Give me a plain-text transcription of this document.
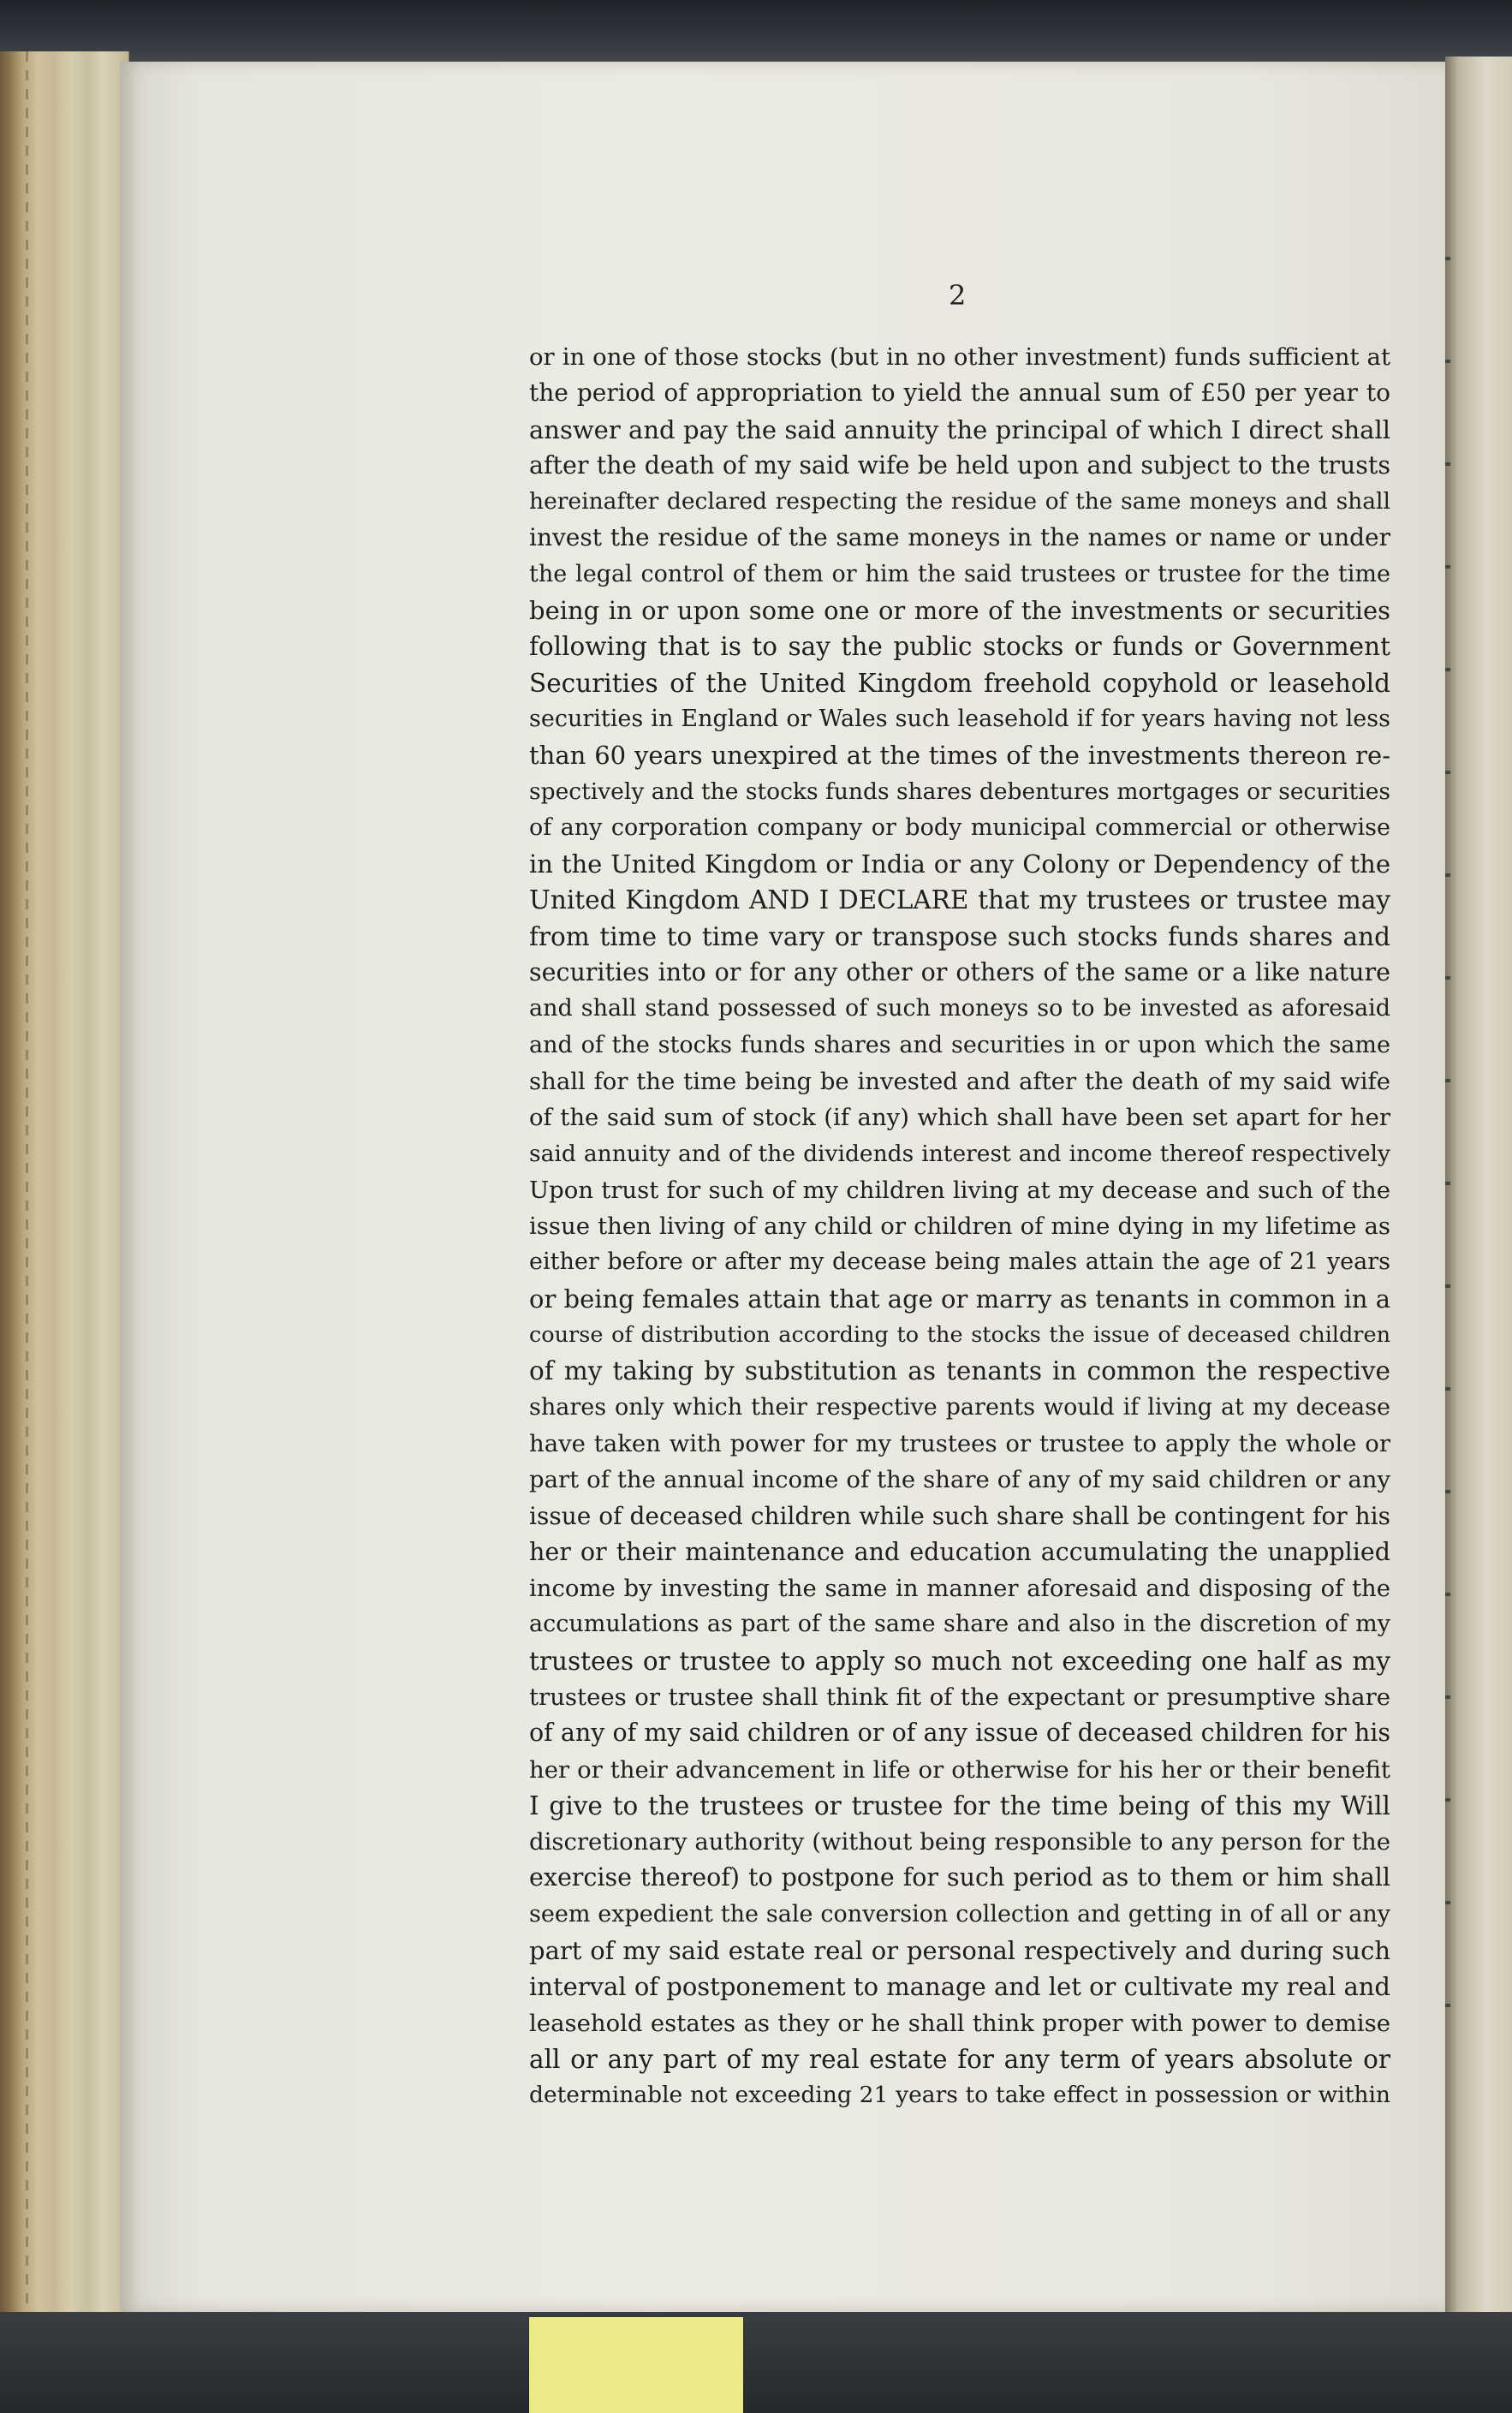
2
or in one of those stocks (but in no other investment) funds sufficient at
the period of appropriation to yield the annual sum of £50 per year to
answer and pay the said annuity the principal of which I direct shall
after the death of my said wife be held upon and subject to the trusts
hereinafter declared respecting the residue of the same moneys and shall
invest the residue of the same moneys in the names or name or under
the legal control of them or him the said trustees or trustee for the time
being in or upon some one or more of the investments or securities
following that is to say the public stocks or funds or Government
Securities of the United Kingdom freehold copyhold or leasehold
securities in England or Wales such leasehold if for years having not less
than 60 years unexpired at the times of the investments thereon re-
spectively and the stocks funds shares debentures mortgages or securities
of any corporation company or body municipal commercial or otherwise
in the United Kingdom or India or any Colony or Dependency of the
United Kingdom AND I DECLARE that my trustees or trustee may
from time to time vary or transpose such stocks funds shares and
securities into or for any other or others of the same or a like nature
and shall stand possessed of such moneys so to be invested as aforesaid
and of the stocks funds shares and securities in or upon which the same
shall for the time being be invested and after the death of my said wife
of the said sum of stock (if any) which shall have been set apart for her
said annuity and of the dividends interest and income thereof respectively
Upon trust for such of my children living at my decease and such of the
issue then living of any child or children of mine dying in my lifetime as
either before or after my decease being males attain the age of 21 years
or being females attain that age or marry as tenants in common in a
course of distribution according to the stocks the issue of deceased children
of my taking by substitution as tenants in common the respective
shares only which their respective parents would if living at my decease
have taken with power for my trustees or trustee to apply the whole or
part of the annual income of the share of any of my said children or any
issue of deceased children while such share shall be contingent for his
her or their maintenance and education accumulating the unapplied
income by investing the same in manner aforesaid and disposing of the
accumulations as part of the same share and also in the discretion of my
trustees or trustee to apply so much not exceeding one half as my
trustees or trustee shall think fit of the expectant or presumptive share
of any of my said children or of any issue of deceased children for his
her or their advancement in life or otherwise for his her or their benefit
I give to the trustees or trustee for the time being of this my Will
discretionary authority (without being responsible to any person for the
exercise thereof) to postpone for such period as to them or him shall
seem expedient the sale conversion collection and getting in of all or any
part of my said estate real or personal respectively and during such
interval of postponement to manage and let or cultivate my real and
leasehold estates as they or he shall think proper with power to demise
all or any part of my real estate for any term of years absolute or
determinable not exceeding 21 years to take effect in possession or within
